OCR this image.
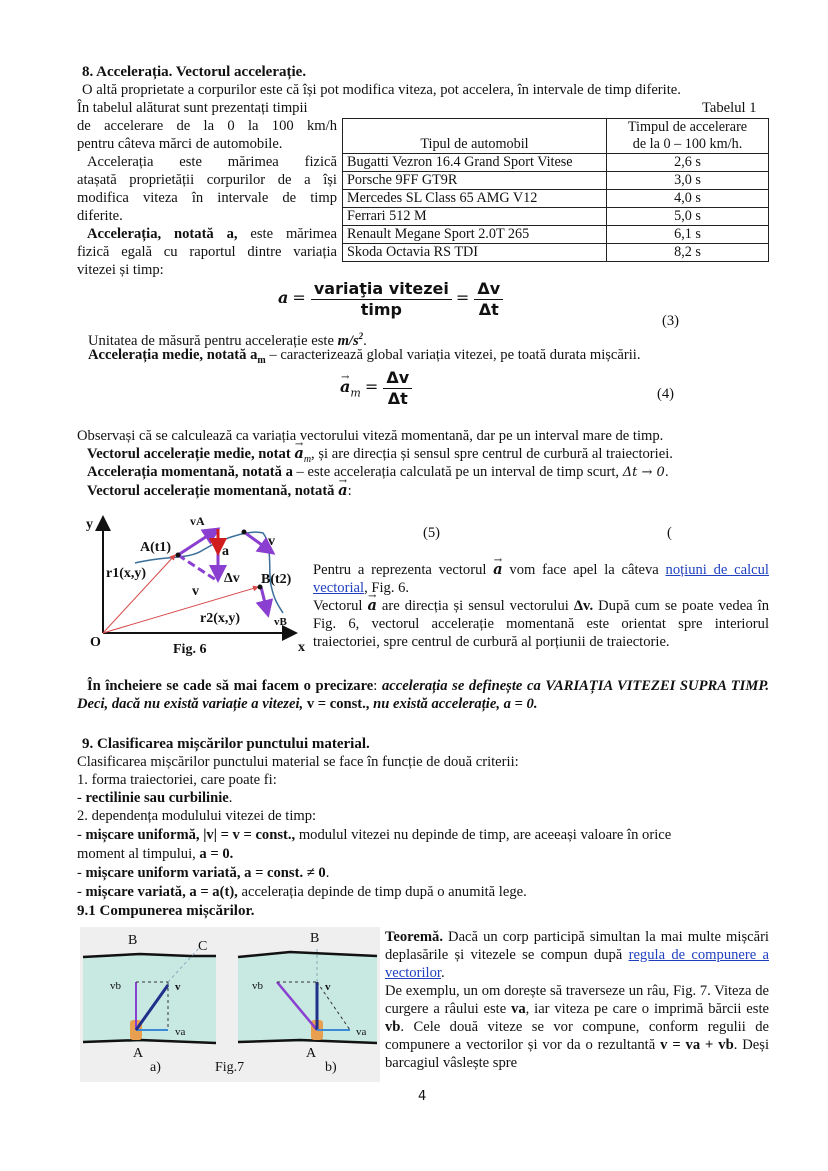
8. Accelerația. Vectorul accelerație.
O altă proprietate a corpurilor este că își pot modifica viteza, pot accelera, în intervale de timp diferite.
În tabelul alăturat sunt prezentați timpii	Tabelul 1
de accelerare de la 0 la 100 km/h
pentru câteva mărci de automobile.
Accelerația este mărimea fizică
atașată proprietății corpurilor de a își
modifica viteza în intervale de timp
diferite.
Accelerația, notată a, este mărimea
fizică egală cu raportul dintre variația
vitezei și timp:
Tipul de automobil	Timpul de accelerare
de la 0 – 100 km/h.

Bugatti Vezron 16.4 Grand Sport Vitese	2,6 s
Porsche 9FF GT9R	3,0 s
Mercedes SL Class 65 AMG V12	4,0 s
Ferrari 512 M	5,0 s
Renault Megane Sport 2.0T 265	6,1 s
Skoda Octavia RS TDI	8,2 s
$a = \frac{\text{variaţia vitezei}}{\text{timp}} = \frac{\Delta v}{\Delta t}$
(3)
Unitatea de măsură pentru accelerație este $m/s^2$.
Accelerația medie, notată $a_m$ – caracterizează global variația vitezei, pe toată durata mișcării.
→ $a_m = \frac{\Delta v}{\Delta t}$	(4)
Observași că se calculează ca variația vectorului viteză momentană, dar pe un interval mare de timp.
Vectorul accelerație medie, notat → $a_m$, și are direcția și sensul spre centrul de curbură al traiectoriei.
Accelerația momentană, notată a – este accelerația calculată pe un interval de timp scurt, Δt → 0.
Vectorul accelerație momentană, notată → a:
y
x
O
A(t1)
B(t2)
r1(x,y)
r2(x,y)
vA
vB
v
v
a
Δv
Fig. 6
(5)	(
Pentru a reprezenta vectorul → a vom face apel la câteva noțiuni de calcul vectorial, Fig. 6.
Vectorul → a are direcția și sensul vectorului Δv. După cum se poate vedea în Fig. 6, vectorul accelerație momentană este orientat spre interiorul traiectoriei, spre centrul de curbură al porțiunii de traiectorie.
În încheiere se cade să mai facem o precizare: accelerația se definește ca VARIAȚIA VITEZEI SUPRA TIMP. Deci, dacă nu există variație a vitezei, v = const., nu există accelerație, a = 0.
9. Clasificarea mișcărilor punctului material.
Clasificarea mișcărilor punctului material se face în funcție de două criterii:
1. forma traiectoriei, care poate fi:
- rectilinie sau curbilinie.
2. dependența modulului vitezei de timp:
- mișcare uniformă, |v| = v = const., modulul vitezei nu depinde de timp, are aceeași valoare în orice
moment al timpului, a = 0.
- mișcare uniform variată, a = const. ≠ 0.
- mișcare variată, a = a(t), accelerația depinde de timp după o anumită lege.
9.1 Compunerea mișcărilor.
B	C
A
vb	v
va
a)	Fig.7
B
A
vb	v
va
b)
Teoremă. Dacă un corp participă simultan la mai multe mișcări deplasările și vitezele se compun după regula de compunere a vectorilor.
De exemplu, un om dorește să traverseze un râu, Fig. 7. Viteza de curgere a râului este va, iar viteza pe care o imprimă bărcii este vb. Cele două viteze se vor compune, conform regulii de compunere a vectorilor și vor da o rezultantă v = va + vb. Deși barcagiul vâslește spre
4
